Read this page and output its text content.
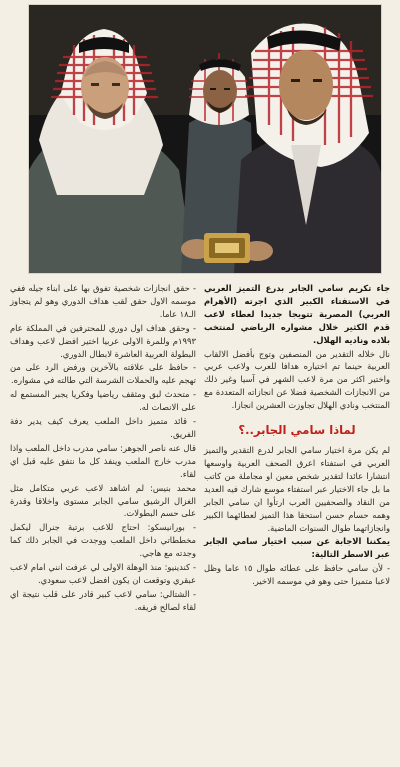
جاء تكريم سامي الجابر بدرع التميز العربي في الاستفتاء الكبير الذي اجرته (الأهرام العربي) المصرية تتويجا جديدا لعطاء لاعب قدم الكثير خلال مشواره الرياضي لمنتخب بلاده وناديه الهلال.

نال خلاله التقدير من المنصفين وتوج بأفضل الالقاب العربية حينما تم اختياره هدافا للعرب ولاعب عربي واختير اكثر من مرة لاعب الشهر في آسيا وغير ذلك من الانجازات الشخصية فضلا عن انجازاته المتعددة مع المنتخب ونادي الهلال تجاوزت العشرين انجازا.

لماذا سامي الجابر..؟

لم يكن مرة اختيار سامي الجابر لدرع التقدير والتميز العربي في استفتاء اعرق الصحف العربية واوسعها انتشارا عائدا لتقدير شخص معين او مجاملة من كاتب ما بل جاء الاختيار عبر استفتاء موسع شارك فيه العديد من النقاد والصحفيين العرب ارتأوا ان سامي الجابر وهمه حسام حسن استحقا هذا التميز لعطائهما الكبير وانجازاتهما طوال السنوات الماضية.

يمكننا الاجابة عن سبب اختيار سامي الجابر عبر الاسطر التالية:

- لأن سامي حافظ على عطائه طوال ١٥ عاما وظل لاعبا متميزا حتى وهو في موسمه الاخير.

- حقق انجازات شخصية تفوق بها على ابناء جيله ففي موسمه الاول حقق لقب هداف الدوري وهو لم يتجاوز الـ١٨ عاما.

- وحقق هداف اول دوري للمحترفين في المملكة عام ١٩٩٣م وللمرة الاولى عربيا اختير افضل لاعب وهداف البطولة العربية العاشرة لابطال الدوري.

- حافظ على علاقته بالآخرين ورفض الرد على من تهجم عليه والحملات الشرسة التي طالته في مشواره.

- متحدث لبق ومثقف رياضيا وفكريا يجبر المستمع له على الانصات له.

- قائد متميز داخل الملعب يعرف كيف يدير دفة الفريق.

قال عنه ناصر الجوهر: سامي مدرب داخل الملعب واذا مدرب خارج الملعب وينفذ كل ما نتفق عليه قبل اي لقاء.

محمد بنيس: لم اشاهد لاعب عربي متكامل مثل الغزال الرشيق سامي الجابر مستوى واخلاقا وقدرة على حسم البطولات.

- بورانيسكو: احتاج للاعب برتبة جنرال ليكمل مخططاتي داخل الملعب ووجدت في الجابر ذلك كما وجدته مع هاجي.

- كندينيو: منذ الوهلة الاولى لي عرفت انني امام لاعب عبقري وتوقعت ان يكون افضل لاعب سعودي.

- الشتالي: سامي لاعب كبير قادر على قلب نتيجة اي لقاء لصالح فريقه.
